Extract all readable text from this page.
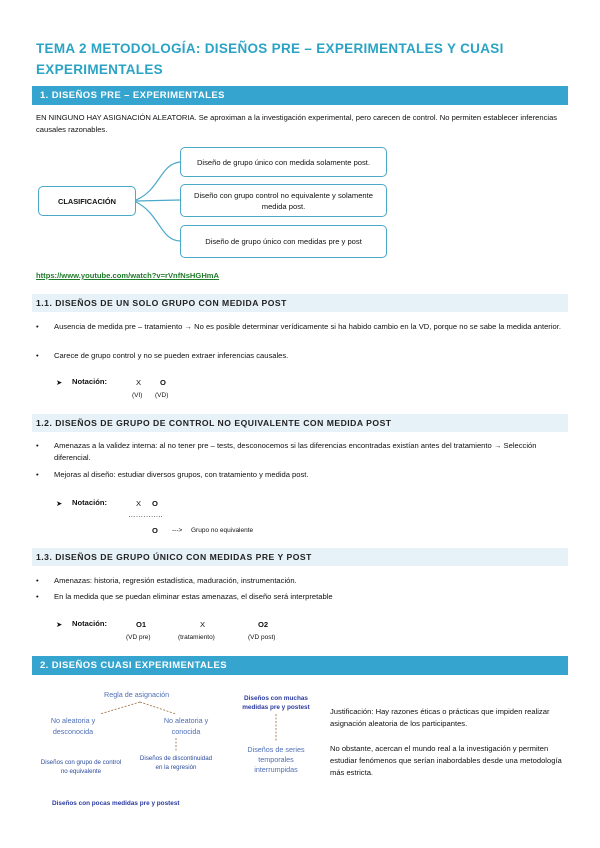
TEMA 2 METODOLOGÍA: DISEÑOS PRE – EXPERIMENTALES Y CUASI EXPERIMENTALES
1. DISEÑOS PRE – EXPERIMENTALES
EN NINGUNO HAY ASIGNACIÓN ALEATORIA. Se aproximan a la investigación experimental, pero carecen de control. No permiten establecer inferencias causales razonables.
CLASIFICACIÓN
Diseño de grupo único con medida solamente post.
Diseño con grupo control no equivalente y solamente medida post.
Diseño de grupo único con medidas pre y post
https://www.youtube.com/watch?v=rVnfNsHGHmA
1.1. DISEÑOS DE UN SOLO GRUPO CON MEDIDA POST
• Ausencia de medida pre – tratamiento → No es posible determinar verídicamente si ha habido cambio en la VD, porque no se sabe la medida anterior.
• Carece de grupo control y no se pueden extraer inferencias causales.
➤ Notación:	X O
(VI) (VD)
1.2. DISEÑOS DE GRUPO DE CONTROL NO EQUIVALENTE CON MEDIDA POST
• Amenazas a la validez interna: al no tener pre – tests, desconocemos si las diferencias encontradas existían antes del tratamiento → Selección diferencial.
• Mejoras al diseño: estudiar diversos grupos, con tratamiento y medida post.
➤ Notación:	X O
…………..
O ---> Grupo no equivalente
1.3. DISEÑOS DE GRUPO ÚNICO CON MEDIDAS PRE Y POST
• Amenazas: historia, regresión estadística, maduración, instrumentación.
• En la medida que se puedan eliminar estas amenazas, el diseño será interpretable
➤ Notación:	O1	X	O2
(VD pre)	(tratamiento)	(VD post)
2. DISEÑOS CUASI EXPERIMENTALES
Regla de asignación
No aleatoria y desconocida
No aleatoria y conocida
Diseños con grupo de control no equivalente
Diseños de discontinuidad en la regresión
Diseños con pocas medidas pre y postest
Diseños con muchas medidas pre y postest
Diseños de series temporales interrumpidas
Justificación: Hay razones éticas o prácticas que impiden realizar asignación aleatoria de los participantes.
No obstante, acercan el mundo real a la investigación y permiten estudiar fenómenos que serían inabordables desde una metodología más estricta.
